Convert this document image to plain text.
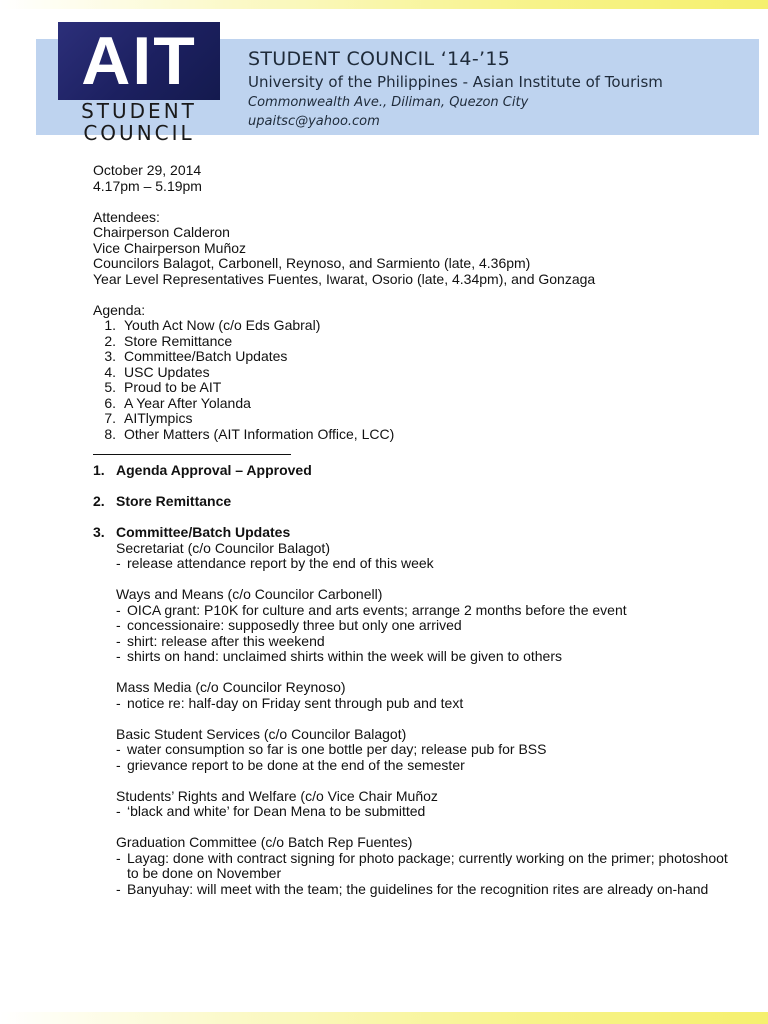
AIT
STUDENT
COUNCIL
STUDENT COUNCIL ‘14-’15
University of the Philippines - Asian Institute of Tourism
Commonwealth Ave., Diliman, Quezon City
upaitsc@yahoo.com
October 29, 2014
4.17pm – 5.19pm
Attendees:
Chairperson Calderon
Vice Chairperson Muñoz
Councilors Balagot, Carbonell, Reynoso, and Sarmiento (late, 4.36pm)
Year Level Representatives Fuentes, Iwarat, Osorio (late, 4.34pm), and Gonzaga
Agenda:
1. Youth Act Now (c/o Eds Gabral)
2. Store Remittance
3. Committee/Batch Updates
4. USC Updates
5. Proud to be AIT
6. A Year After Yolanda
7. AITlympics
8. Other Matters (AIT Information Office, LCC)
1. Agenda Approval – Approved
2. Store Remittance
3. Committee/Batch Updates
Secretariat (c/o Councilor Balagot)
- release attendance report by the end of this week
Ways and Means (c/o Councilor Carbonell)
- OICA grant: P10K for culture and arts events; arrange 2 months before the event
- concessionaire: supposedly three but only one arrived
- shirt: release after this weekend
- shirts on hand: unclaimed shirts within the week will be given to others
Mass Media (c/o Councilor Reynoso)
- notice re: half-day on Friday sent through pub and text
Basic Student Services (c/o Councilor Balagot)
- water consumption so far is one bottle per day; release pub for BSS
- grievance report to be done at the end of the semester
Students’ Rights and Welfare (c/o Vice Chair Muñoz
- ‘black and white’ for Dean Mena to be submitted
Graduation Committee (c/o Batch Rep Fuentes)
- Layag: done with contract signing for photo package; currently working on the primer; photoshoot to be done on November
- Banyuhay: will meet with the team; the guidelines for the recognition rites are already on-hand
